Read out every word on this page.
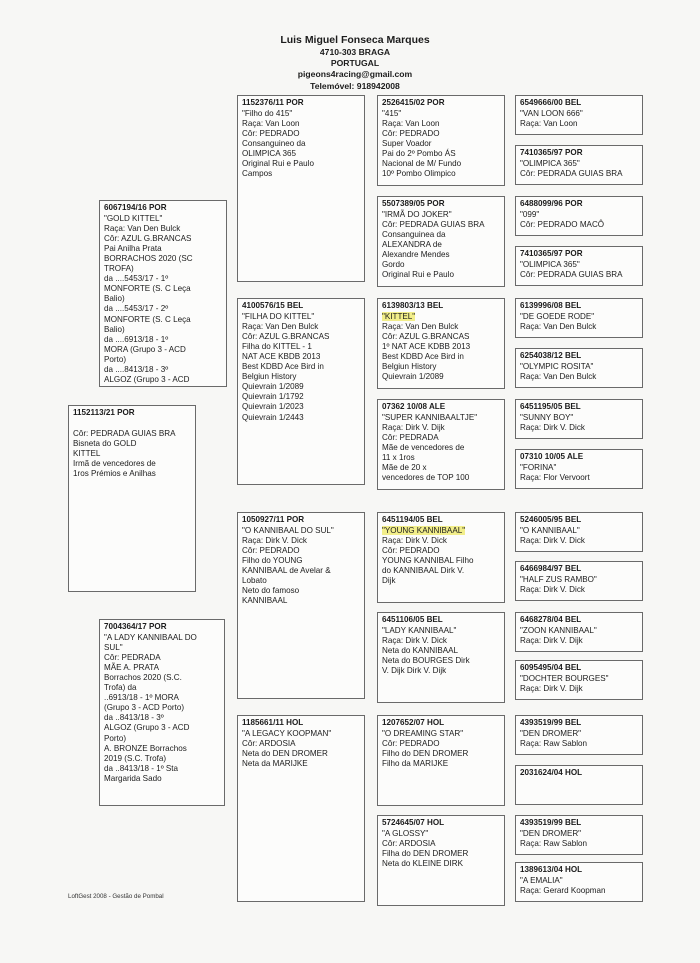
Luis Miguel Fonseca Marques
4710-303 BRAGA
PORTUGAL
pigeons4racing@gmail.com
Telemóvel: 918942008
1152113/21 POR

Côr: PEDRADA GUIAS BRA
Bisneta do GOLD
KITTEL
Irmã de vencedores de
1ros Prémios e Anilhas
6067194/16 POR
"GOLD KITTEL"
Raça: Van Den Bulck
Côr: AZUL G.BRANCAS
Pai Anilha Prata
BORRACHOS 2020 (SC
TROFA)
da ....5453/17 - 1º
MONFORTE (S. C Leça
Balio)
da ....5453/17 - 2º
MONFORTE (S. C Leça
Balio)
da ....6913/18 - 1º
MORA (Grupo 3 - ACD
Porto)
da ....8413/18 - 3º
ALGOZ (Grupo 3 - ACD
7004364/17 POR
"A LADY KANNIBAAL DO
SUL"
Côr: PEDRADA
MÃE A. PRATA
Borrachos 2020 (S.C.
Trofa) da
..6913/18 - 1º MORA
(Grupo 3 - ACD Porto)
da ..8413/18 - 3º
ALGOZ (Grupo 3 - ACD
Porto)
A. BRONZE Borrachos
2019 (S.C. Trofa)
da ..8413/18 - 1º Sta
Margarida Sado
1152376/11 POR
"Filho do 415"
Raça: Van Loon
Côr: PEDRADO
Consanguineo da
OLIMPICA 365
Original Rui e Paulo
Campos
4100576/15 BEL
"FILHA DO KITTEL"
Raça: Van Den Bulck
Côr: AZUL G.BRANCAS
Filha do KITTEL - 1
NAT ACE KBDB 2013
Best KDBD Ace Bird in
Belgiun History
Quievrain 1/2089
Quievrain 1/1792
Quievrain 1/2023
Quievrain 1/2443
1050927/11 POR
"O KANNIBAAL DO SUL"
Raça: Dirk V. Dick
Côr: PEDRADO
Filho do YOUNG
KANNIBAAL de Avelar &
Lobato
Neto do famoso
KANNIBAAL
1185661/11 HOL
"A LEGACY KOOPMAN"
Côr: ARDOSIA
Neta do DEN DROMER
Neta da MARIJKE
2526415/02 POR
"415"
Raça: Van Loon
Côr: PEDRADO
Super Voador
Pai do 2º Pombo ÁS
Nacional de M/ Fundo
10º Pombo Olimpico
5507389/05 POR
"IRMÃ DO JOKER"
Côr: PEDRADA GUIAS BRA
Consanguinea da
ALEXANDRA de
Alexandre Mendes
Gordo
Original Rui e Paulo
6139803/13 BEL
"KITTEL"
Raça: Van Den Bulck
Côr: AZUL G.BRANCAS
1º NAT ACE KDBB 2013
Best KDBD Ace Bird in
Belgiun History
Quievrain 1/2089
07362 10/08 ALE
"SUPER KANNIBAALTJE"
Raça: Dirk V. Dijk
Côr: PEDRADA
Mãe de vencedores de
11 x 1ros
Mãe de 20 x
vencedores de TOP 100
6451194/05 BEL
"YOUNG KANNIBAAL"
Raça: Dirk V. Dick
Côr: PEDRADO
YOUNG KANNIBAL Filho
do KANNIBAAL Dirk V.
Dijk
6451106/05 BEL
"LADY KANNIBAAL"
Raça: Dirk V. Dick
Neta do KANNIBAAL
Neta do BOURGES Dirk
V. Dijk Dirk V. Dijk
1207652/07 HOL
"O DREAMING STAR"
Côr: PEDRADO
Filho do DEN DROMER
Filho da MARIJKE
5724645/07 HOL
"A GLOSSY"
Côr: ARDOSIA
Filha do DEN DROMER
Neta do KLEINE DIRK
6549666/00 BEL
"VAN LOON 666"
Raça: Van Loon
7410365/97 POR
"OLIMPICA 365"
Côr: PEDRADA GUIAS BRA
6488099/96 POR
"099"
Côr: PEDRADO MACÔ
7410365/97 POR
"OLIMPICA 365"
Côr: PEDRADA GUIAS BRA
6139996/08 BEL
"DE GOEDE RODE"
Raça: Van Den Bulck
6254038/12 BEL
"OLYMPIC ROSITA"
Raça: Van Den Bulck
6451195/05 BEL
"SUNNY BOY"
Raça: Dirk V. Dick
07310 10/05 ALE
"FORINA"
Raça: Flor Vervoort
5246005/95 BEL
"O KANNIBAAL"
Raça: Dirk V. Dick
6466984/97 BEL
"HALF ZUS RAMBO"
Raça: Dirk V. Dick
6468278/04 BEL
"ZOON KANNIBAAL"
Raça: Dirk V. Dijk
6095495/04 BEL
"DOCHTER BOURGES"
Raça: Dirk V. Dijk
4393519/99 BEL
"DEN DROMER"
Raça: Raw Sablon
2031624/04 HOL
4393519/99 BEL
"DEN DROMER"
Raça: Raw Sablon
1389613/04 HOL
"A EMALIA"
Raça: Gerard Koopman
LoftGest 2008 - Gestão de Pombal
